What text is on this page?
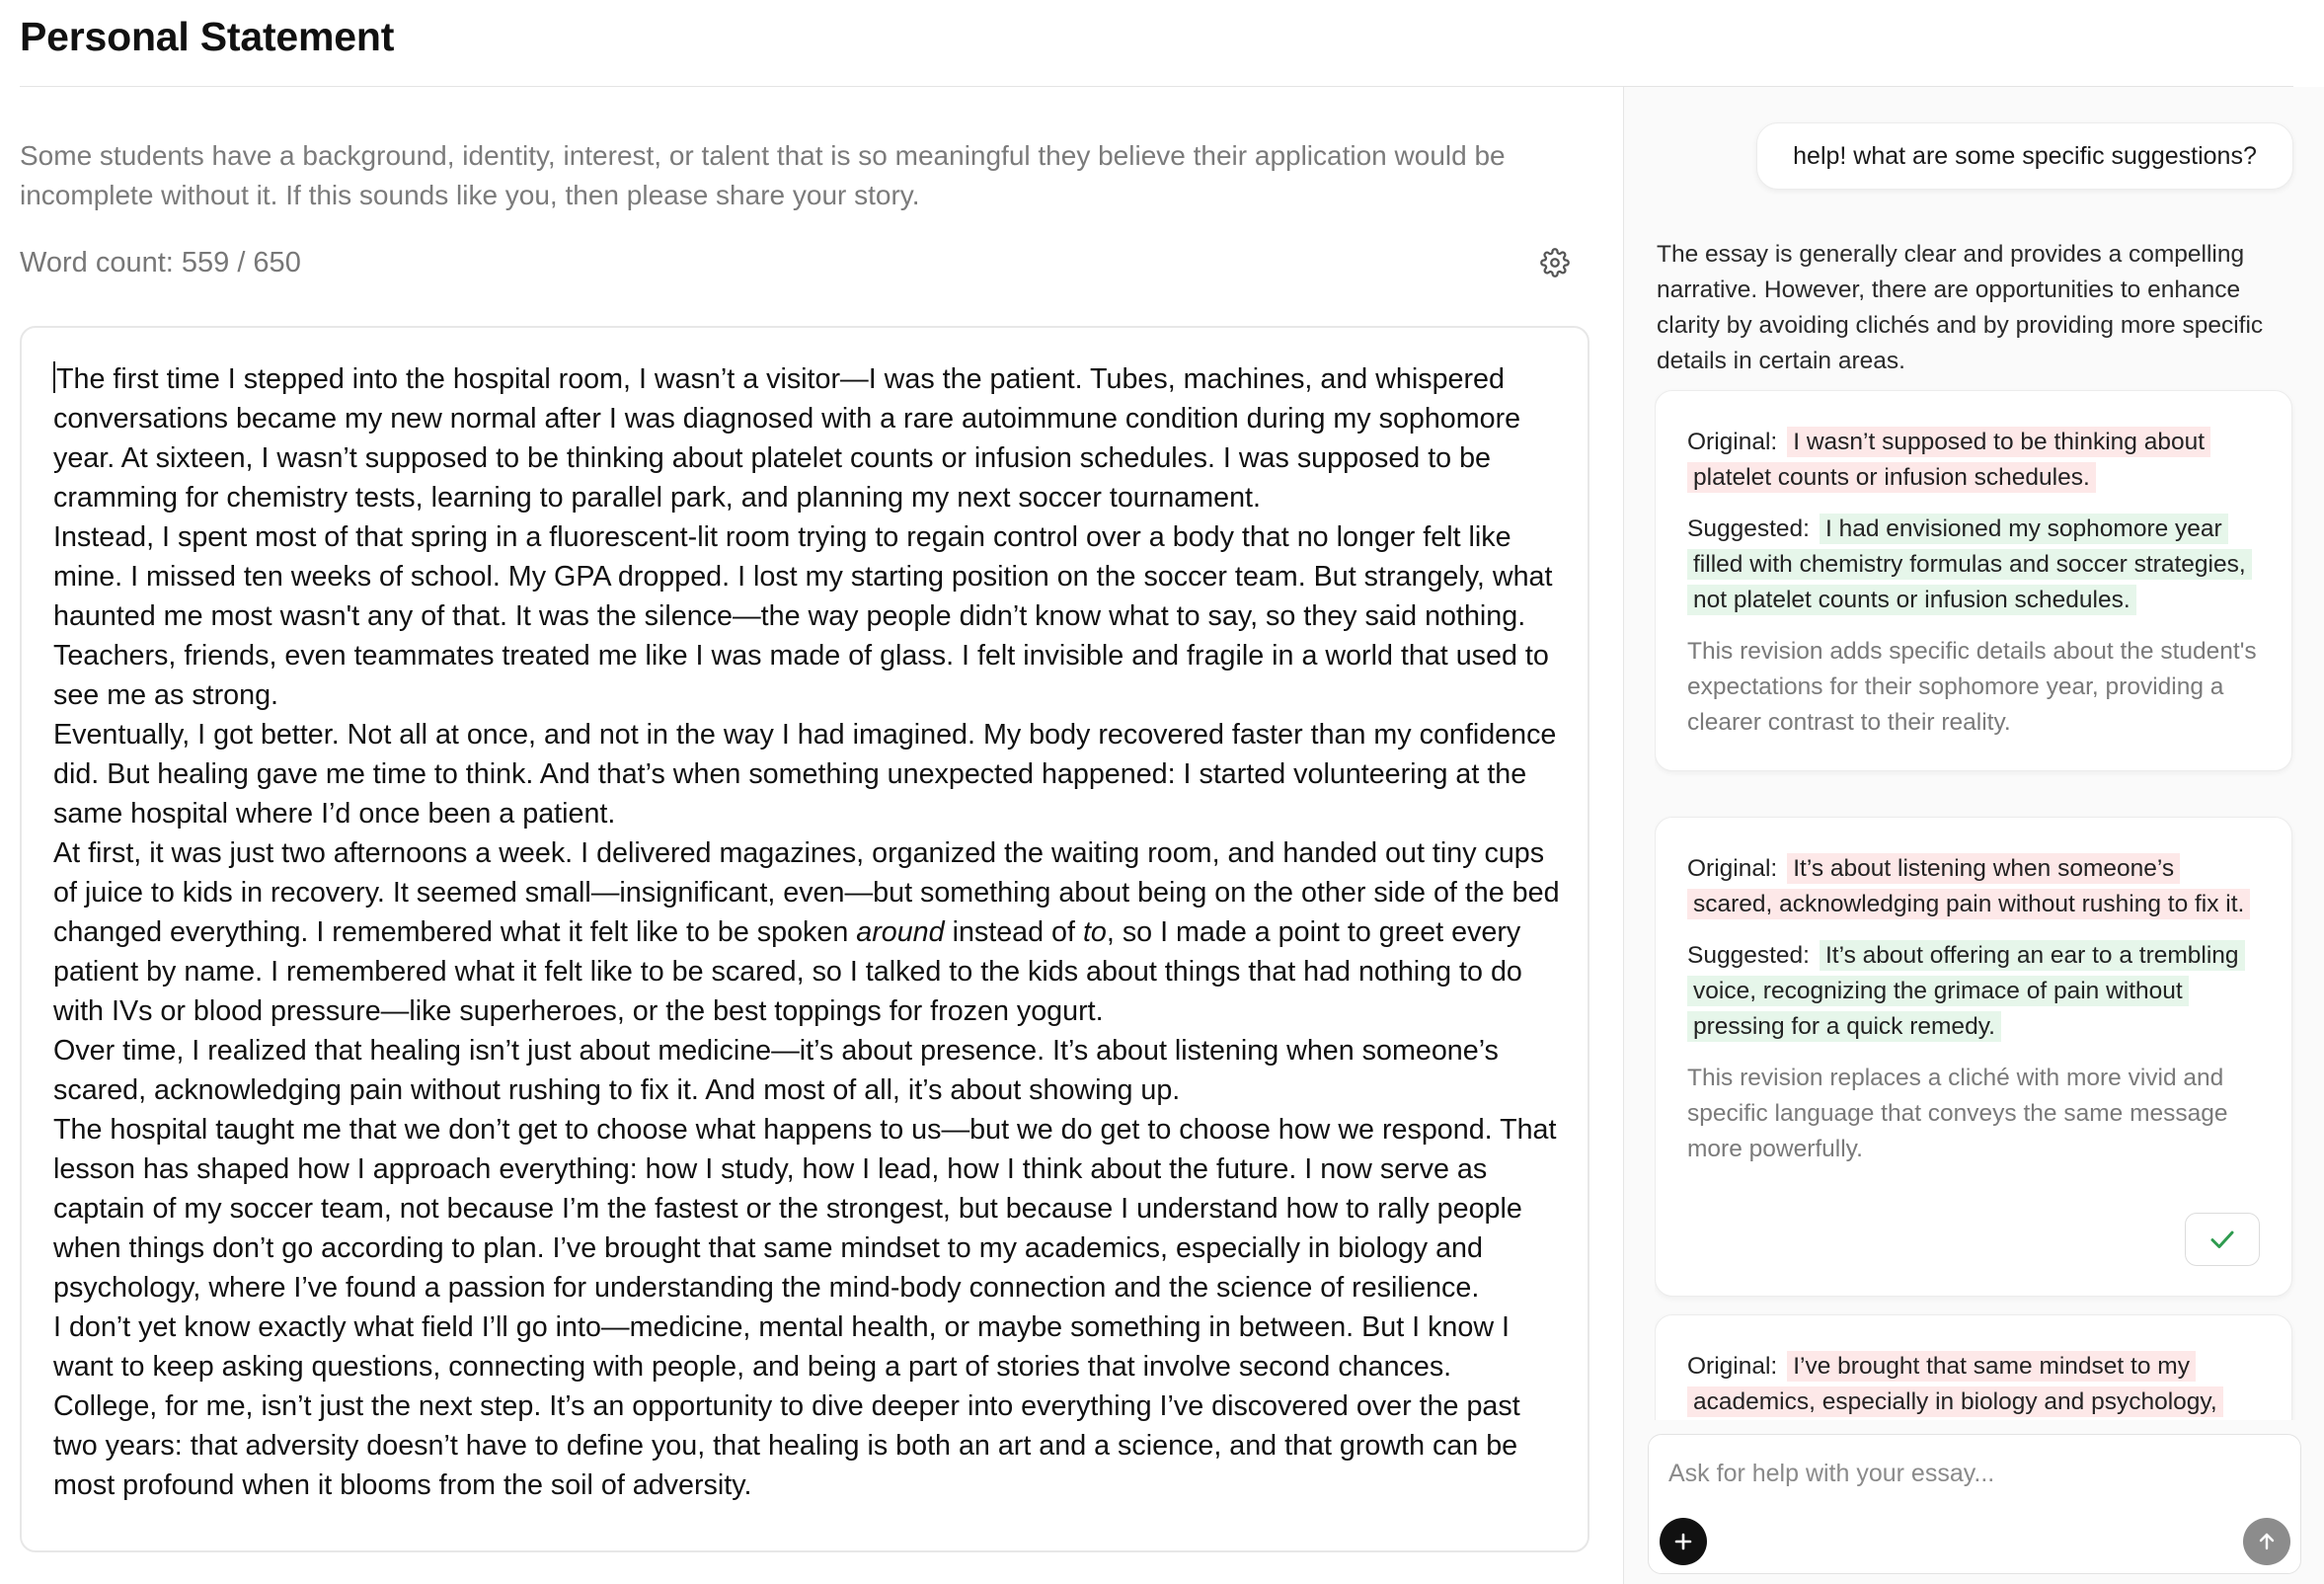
Personal Statement
Some students have a background, identity, interest, or talent that is so meaningful they believe their application would be incomplete without it. If this sounds like you, then please share your story.
Word count: 559 / 650

The first time I stepped into the hospital room, I wasn’t a visitor—I was the patient. Tubes, machines, and whispered conversations became my new normal after I was diagnosed with a rare autoimmune condition during my sophomore year. At sixteen, I wasn’t supposed to be thinking about platelet counts or infusion schedules. I was supposed to be cramming for chemistry tests, learning to parallel park, and planning my next soccer tournament.

Instead, I spent most of that spring in a fluorescent-lit room trying to regain control over a body that no longer felt like mine. I missed ten weeks of school. My GPA dropped. I lost my starting position on the soccer team. But strangely, what haunted me most wasn't any of that. It was the silence—the way people didn’t know what to say, so they said nothing. Teachers, friends, even teammates treated me like I was made of glass. I felt invisible and fragile in a world that used to see me as strong.

Eventually, I got better. Not all at once, and not in the way I had imagined. My body recovered faster than my confidence did. But healing gave me time to think. And that’s when something unexpected happened: I started volunteering at the same hospital where I’d once been a patient.

At first, it was just two afternoons a week. I delivered magazines, organized the waiting room, and handed out tiny cups of juice to kids in recovery. It seemed small—insignificant, even—but something about being on the other side of the bed changed everything. I remembered what it felt like to be spoken around instead of to, so I made a point to greet every patient by name. I remembered what it felt like to be scared, so I talked to the kids about things that had nothing to do with IVs or blood pressure—like superheroes, or the best toppings for frozen yogurt.

Over time, I realized that healing isn’t just about medicine—it’s about presence. It’s about listening when someone’s scared, acknowledging pain without rushing to fix it. And most of all, it’s about showing up.

The hospital taught me that we don’t get to choose what happens to us—but we do get to choose how we respond. That lesson has shaped how I approach everything: how I study, how I lead, how I think about the future. I now serve as captain of my soccer team, not because I’m the fastest or the strongest, but because I understand how to rally people when things don’t go according to plan. I’ve brought that same mindset to my academics, especially in biology and psychology, where I’ve found a passion for understanding the mind-body connection and the science of resilience.

I don’t yet know exactly what field I’ll go into—medicine, mental health, or maybe something in between. But I know I want to keep asking questions, connecting with people, and being a part of stories that involve second chances.

College, for me, isn’t just the next step. It’s an opportunity to dive deeper into everything I’ve discovered over the past two years: that adversity doesn’t have to define you, that healing is both an art and a science, and that growth can be most profound when it blooms from the soil of adversity.

help! what are some specific suggestions?
The essay is generally clear and provides a compelling narrative. However, there are opportunities to enhance clarity by avoiding clichés and by providing more specific details in certain areas.

Original: I wasn’t supposed to be thinking about platelet counts or infusion schedules.

Suggested: I had envisioned my sophomore year filled with chemistry formulas and soccer strategies, not platelet counts or infusion schedules.

This revision adds specific details about the student's expectations for their sophomore year, providing a clearer contrast to their reality.

Original: It’s about listening when someone’s scared, acknowledging pain without rushing to fix it.

Suggested: It’s about offering an ear to a trembling voice, recognizing the grimace of pain without pressing for a quick remedy.

This revision replaces a cliché with more vivid and specific language that conveys the same message more powerfully.

Original: I’ve brought that same mindset to my academics, especially in biology and psychology,

Ask for help with your essay...
